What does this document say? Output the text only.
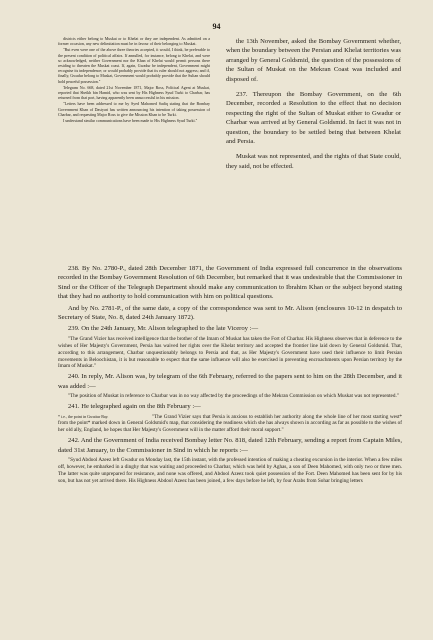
94

districts either belong to Muskat or to Khelat or they are independent. As admitted on a former occasion, any new delimitation must be in favour of their belonging to Muskat.

"But even were one of the above three theories accepted, it would, I think, be preferable to the present condition of political affairs. If annulled, for instance, belong to Khelat, and were so acknowledged, neither Government nor the Khan of Khelat would permit persons there residing to threaten the Muskat coast. If, again, Gwadur be independent, Government might recognise its independence; or would probably provide that its ruler should not aggress; and if, finally, Gwadur belong to Muskat, Government would probably provide that the Sultan should hold peaceful possession."

Telegram No. 668, dated 21st November 1871, Major Ross, Political Agent at Muskat, reported that Sheikh bin Hamid, who was sent by His Highness Syud Turki to Charbar, has returned from that port, having apparently been unsuccessful in his mission.

"Letters have been addressed to me by Syed Mahomed Sadiq stating that the Bombay Government Khan of Dastyari has written announcing his intention of taking possession of Charbar, and requesting Major Ross to give the Mission Khan to be Turki.

I understand similar communications have been made to His Highness Syud Turki."

the 13th November, asked the Bombay Government whether, when the boundary between the Persian and Khelat territories was arranged by General Goldsmid, the question of the possessions of the Sultan of Muskat on the Mekran Coast was included and disposed of.

237. Thereupon the Bombay Government, on the 6th December, recorded a Resolution to the effect that no decision respecting the right of the Sultan of Muskat either to Gwadur or Charbar was arrived at by General Goldsmid. In fact it was not in question, the boundary to be settled being that between Khelat and Persia.

Muskat was not represented, and the rights of that State could, they said, not be effected.

238. By No. 2780-P., dated 28th December 1871, the Government of India expressed full concurrence in the observations recorded in the Bombay Government Resolution of 6th December, but remarked that it was undesirable that the Commissioner in Sind or the Officer of the Telegraph Department should make any communication to Ibrahim Khan or the subject beyond stating that they had no authority to hold communication with him on political questions.

And by No. 2781-P., of the same date, a copy of the correspondence was sent to Mr. Alison (enclosures 10-12 in despatch to Secretary of State, No. 8, dated 24th January 1872).

239. On the 24th January, Mr. Alison telegraphed to the late Viceroy :—

"The Grand Vizier has received intelligence that the brother of the Imam of Muskat has taken the Fort of Charbar. His Highness observes that in deference to the wishes of Her Majesty's Government, Persia has waived her rights over the Khelat territory and accepted the frontier line laid down by General Goldsmid. That, according to this arrangement, Charbar unquestionably belongs to Persia and that, as Her Majesty's Government have used their influence to limit Persian movements in Beloochistan, it is but reasonable to expect that the same influence will also be exercised in preventing encroachments upon Persian territory by the Imam of Muskat."

240. In reply, Mr. Alison was, by telegram of the 6th February, referred to the papers sent to him on the 28th December, and it was added :—

"The position of Muskat in reference to Charbar was in no way affected by the proceedings of the Mekran Commission on which Muskat was not represented."

241. He telegraphed again on the 8th February :—

* i.e., the point in Gwattur Bay.	"The Grand Vizier says that Persia is anxious to establish her authority along the whole line of her most starting west* from the point* marked down in General Goldsmid's map, that considering the readiness which she has always shown in according as far as possible to the wishes of her old ally, England, he hopes that Her Majesty's Government will in the matter afford their moral support."

242. And the Government of India received Bombay letter No. 818, dated 12th February, sending a report from Captain Miles, dated 31st January, to the Commissioner in Sind in which he reports :—

"Syud Abdool Azeez left Gwadur on Monday last, the 15th instant, with the professed intention of making a cheating excursion in the interior. When a few miles off, however, he embarked in a dinghy that was waiting and proceeded to Charbar, which was held by Aghas, a son of Deen Mahomed, with only two or three men. The latter was quite unprepared for resistance, and none was offered, and Abdool Azeez took quiet possession of the Fort. Deen Mahomed has been sent for by his son, but has not yet arrived there. His Highness Abdool Azeez has been joined, a few days before he left, by four Arabs from Sohar bringing letters
